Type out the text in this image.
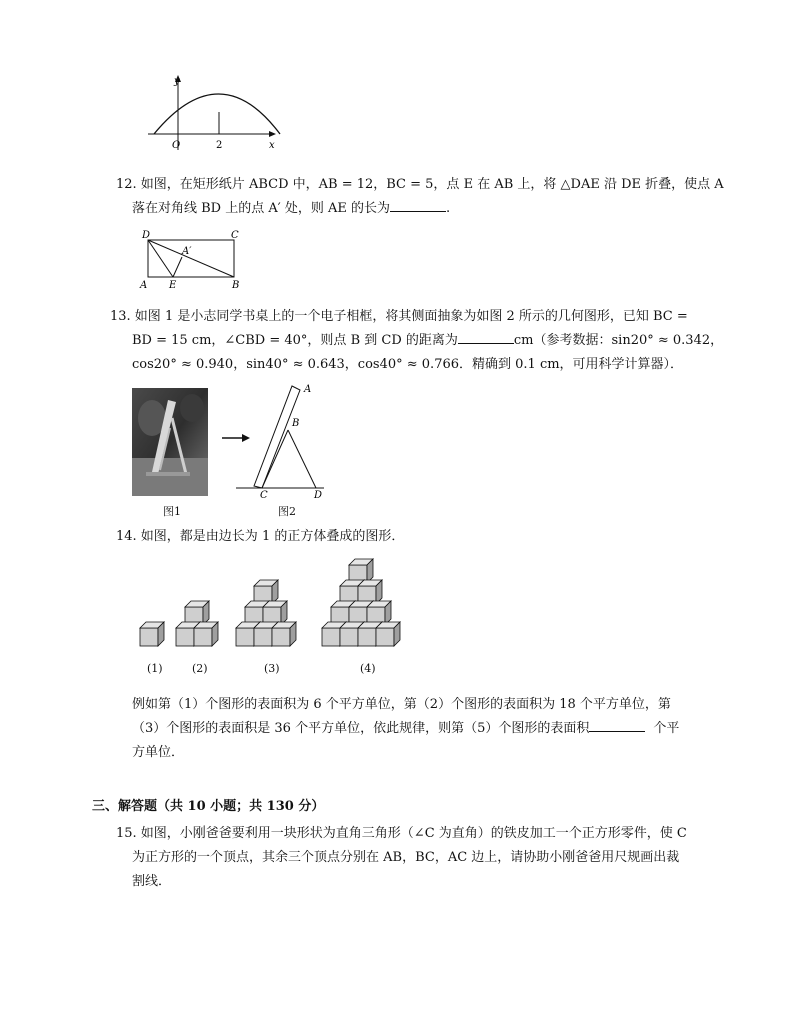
y
x
O	2
12. 如图，在矩形纸片 ABCD 中，AB = 12，BC = 5，点 E 在 AB 上，将 △DAE 沿 DE 折叠，使点 A
落在对角线 BD 上的点 A′ 处，则 AE 的长为	.
D	C
A′
A E	B
13. 如图 1 是小志同学书桌上的一个电子相框，将其侧面抽象为如图 2 所示的几何图形，已知 BC =
BD = 15 cm，∠CBD = 40°，则点 B 到 CD 的距离为	cm（参考数据：sin20° ≈ 0.342，
cos20° ≈ 0.940，sin40° ≈ 0.643，cos40° ≈ 0.766．精确到 0.1 cm，可用科学计算器）．
图1
A
B
C	D
图2
14. 如图，都是由边长为 1 的正方体叠成的图形．
(1)	(2)	(3)	(4)
例如第（1）个图形的表面积为 6 个平方单位，第（2）个图形的表面积为 18 个平方单位，第
（3）个图形的表面积是 36 个平方单位，依此规律，则第（5）个图形的表面积	个平
方单位．
三、解答题（共 10 小题；共 130 分）
15. 如图，小刚爸爸要利用一块形状为直角三角形（∠C 为直角）的铁皮加工一个正方形零件，使 C
为正方形的一个顶点，其余三个顶点分别在 AB，BC，AC 边上，请协助小刚爸爸用尺规画出裁
割线．
